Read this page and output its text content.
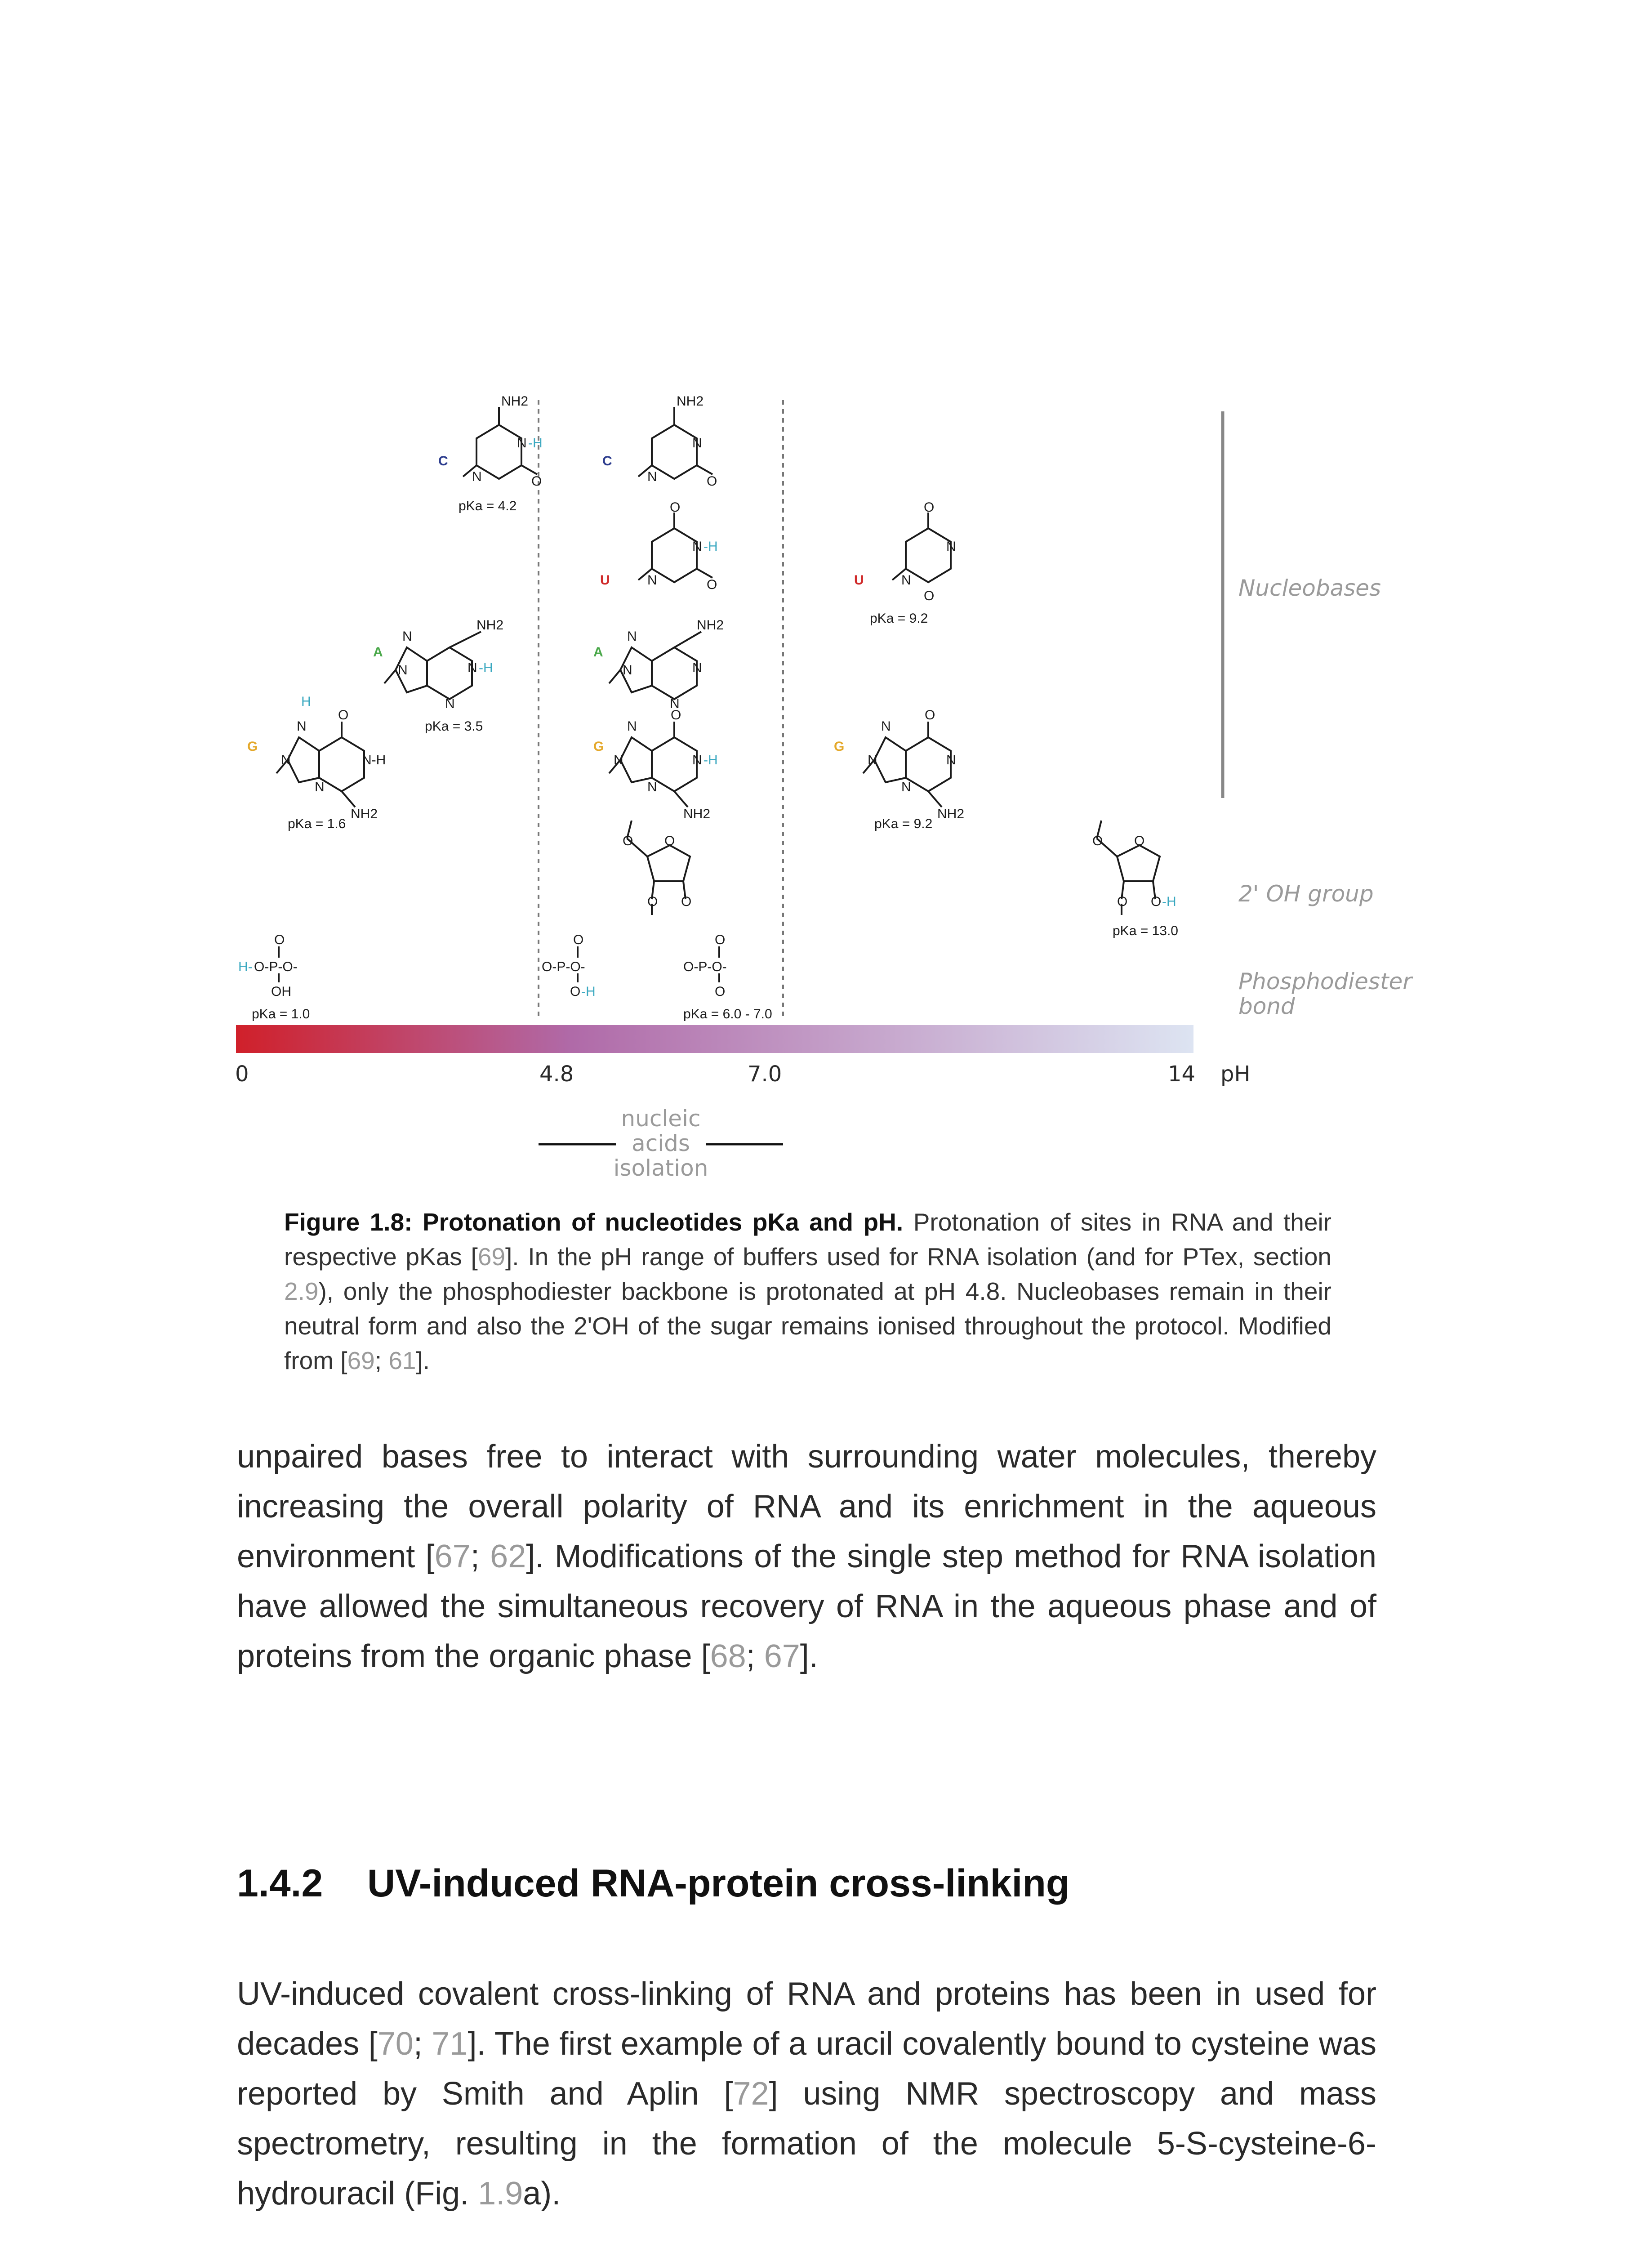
Nucleobases
2' OH group
Phosphodiester
bond
0	4.8	7.0	14 pH
nucleic
acids
isolation
NH2
N -H
O
N
C
pKa = 4.2
NH2
N
O
N
C
O
N -H
O
N
U
O
N
O
N
U
pKa = 9.2
NH2
N -H
N
N
N
A
pKa = 3.5
NH2
N
N
N
N
A
O
N-H
NH2
N
H
N
N
G
pKa = 1.6
O
N -H
NH2
N
N
N
G
O
N
NH2
N
N
N
G
pKa = 9.2
O O
O O
O O
O O -H
pKa = 13.0
O
H- O-P-O-
OH
pKa = 1.0
O
O-P-O-
O -H
O
O-P-O-
O
pKa = 6.0 - 7.0
Figure 1.8: Protonation of nucleotides pKa and pH. Protonation of sites in RNA and their respective pKas [69]. In the pH range of buffers used for RNA isolation (and for PTex, section 2.9), only the phosphodiester backbone is protonated at pH 4.8. Nucleobases remain in their neutral form and also the 2'OH of the sugar remains ionised throughout the protocol. Modified from [69; 61].
unpaired bases free to interact with surrounding water molecules, thereby increasing the overall polarity of RNA and its enrichment in the aqueous environment [67; 62]. Modifications of the single step method for RNA isolation have allowed the simultaneous recovery of RNA in the aqueous phase and of proteins from the organic phase [68; 67].
1.4.2 UV-induced RNA-protein cross-linking
UV-induced covalent cross-linking of RNA and proteins has been in used for decades [70; 71]. The first example of a uracil covalently bound to cysteine was reported by Smith and Aplin [72] using NMR spectroscopy and mass spectrometry, resulting in the formation of the molecule 5-S-cysteine-6-hydrouracil (Fig. 1.9a).
